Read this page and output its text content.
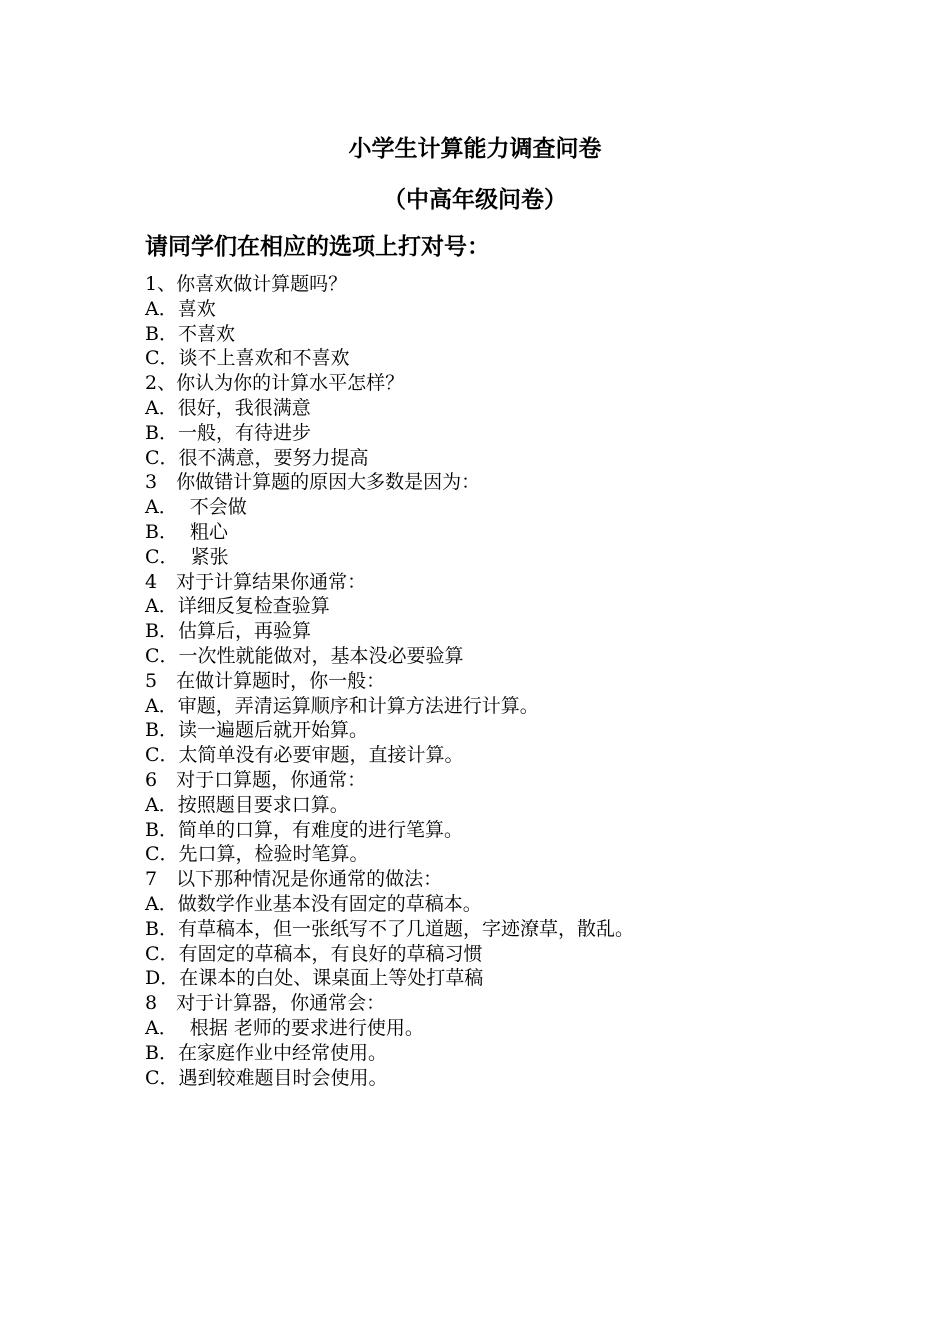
小学生计算能力调查问卷
（中高年级问卷）
请同学们在相应的选项上打对号：
1、你喜欢做计算题吗？
A．喜欢
B．不喜欢
C．谈不上喜欢和不喜欢
2、你认为你的计算水平怎样？
A．很好，我很满意
B．一般，有待进步
C．很不满意，要努力提高
3　你做错计算题的原因大多数是因为：
A．  不会做
B．  粗心
C．  紧张
4　对于计算结果你通常：
A．详细反复检查验算
B．估算后，再验算
C．一次性就能做对，基本没必要验算
5　在做计算题时，你一般：
A．审题，弄清运算顺序和计算方法进行计算。
B．读一遍题后就开始算。
C．太简单没有必要审题，直接计算。
6　对于口算题，你通常：
A．按照题目要求口算。
B．简单的口算，有难度的进行笔算。
C．先口算，检验时笔算。
7　以下那种情况是你通常的做法：
A．做数学作业基本没有固定的草稿本。
B．有草稿本，但一张纸写不了几道题，字迹潦草，散乱。
C．有固定的草稿本，有良好的草稿习惯
D．在课本的白处、课桌面上等处打草稿
8　对于计算器，你通常会：
A．  根据 老师的要求进行使用。
B．在家庭作业中经常使用。
C．遇到较难题目时会使用。
